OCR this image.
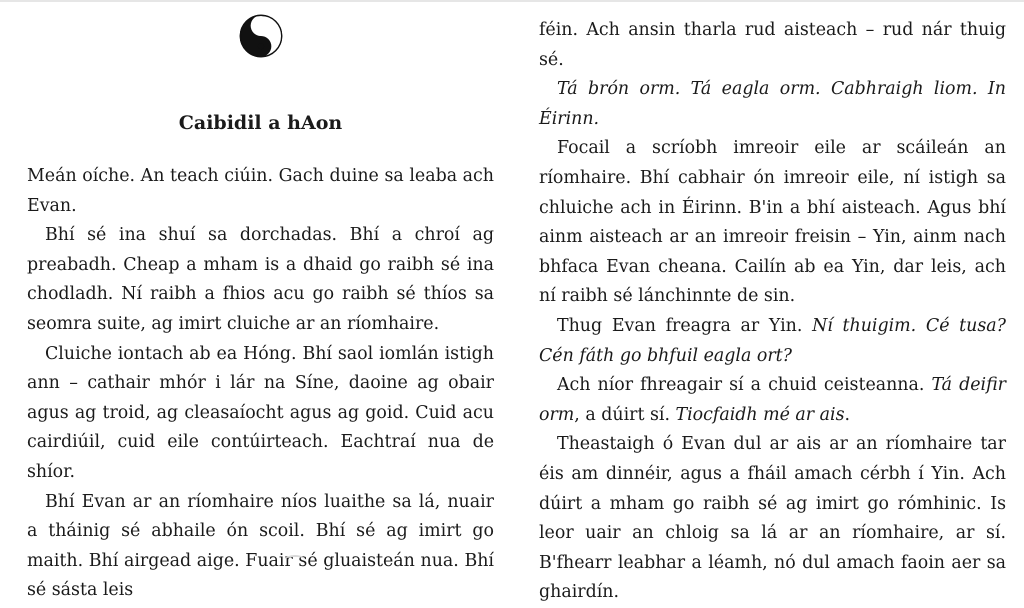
Caibidil a hAon

Meán oíche. An teach ciúin. Gach duine sa leaba ach Evan.

Bhí sé ina shuí sa dorchadas. Bhí a chroí ag preabadh. Cheap a mham is a dhaid go raibh sé ina chodladh. Ní raibh a fhios acu go raibh sé thíos sa seomra suite, ag imirt cluiche ar an ríomhaire.

Cluiche iontach ab ea Hóng. Bhí saol iomlán istigh ann – cathair mhór i lár na Síne, daoine ag obair agus ag troid, ag cleasaíocht agus ag goid. Cuid acu cairdiúil, cuid eile contúirteach. Eachtraí nua de shíor.

Bhí Evan ar an ríomhaire níos luaithe sa lá, nuair a tháinig sé abhaile ón scoil. Bhí sé ag imirt go maith. Bhí airgead aige. Fuair sé gluaisteán nua. Bhí sé sásta leis

féin. Ach ansin tharla rud aisteach – rud nár thuig sé.

Tá brón orm. Tá eagla orm. Cabhraigh liom. In Éirinn.

Focail a scríobh imreoir eile ar scáileán an ríomhaire. Bhí cabhair ón imreoir eile, ní istigh sa chluiche ach in Éirinn. B'in a bhí aisteach. Agus bhí ainm aisteach ar an imreoir freisin – Yin, ainm nach bhfaca Evan cheana. Cailín ab ea Yin, dar leis, ach ní raibh sé lánchinnte de sin.

Thug Evan freagra ar Yin. Ní thuigim. Cé tusa? Cén fáth go bhfuil eagla ort?

Ach níor fhreagair sí a chuid ceisteanna. Tá deifir orm, a dúirt sí. Tiocfaidh mé ar ais.

Theastaigh ó Evan dul ar ais ar an ríomhaire tar éis am dinnéir, agus a fháil amach cérbh í Yin. Ach dúirt a mham go raibh sé ag imirt go rómhinic. Is leor uair an chloig sa lá ar an ríomhaire, ar sí. B'fhearr leabhar a léamh, nó dul amach faoin aer sa ghairdín.
